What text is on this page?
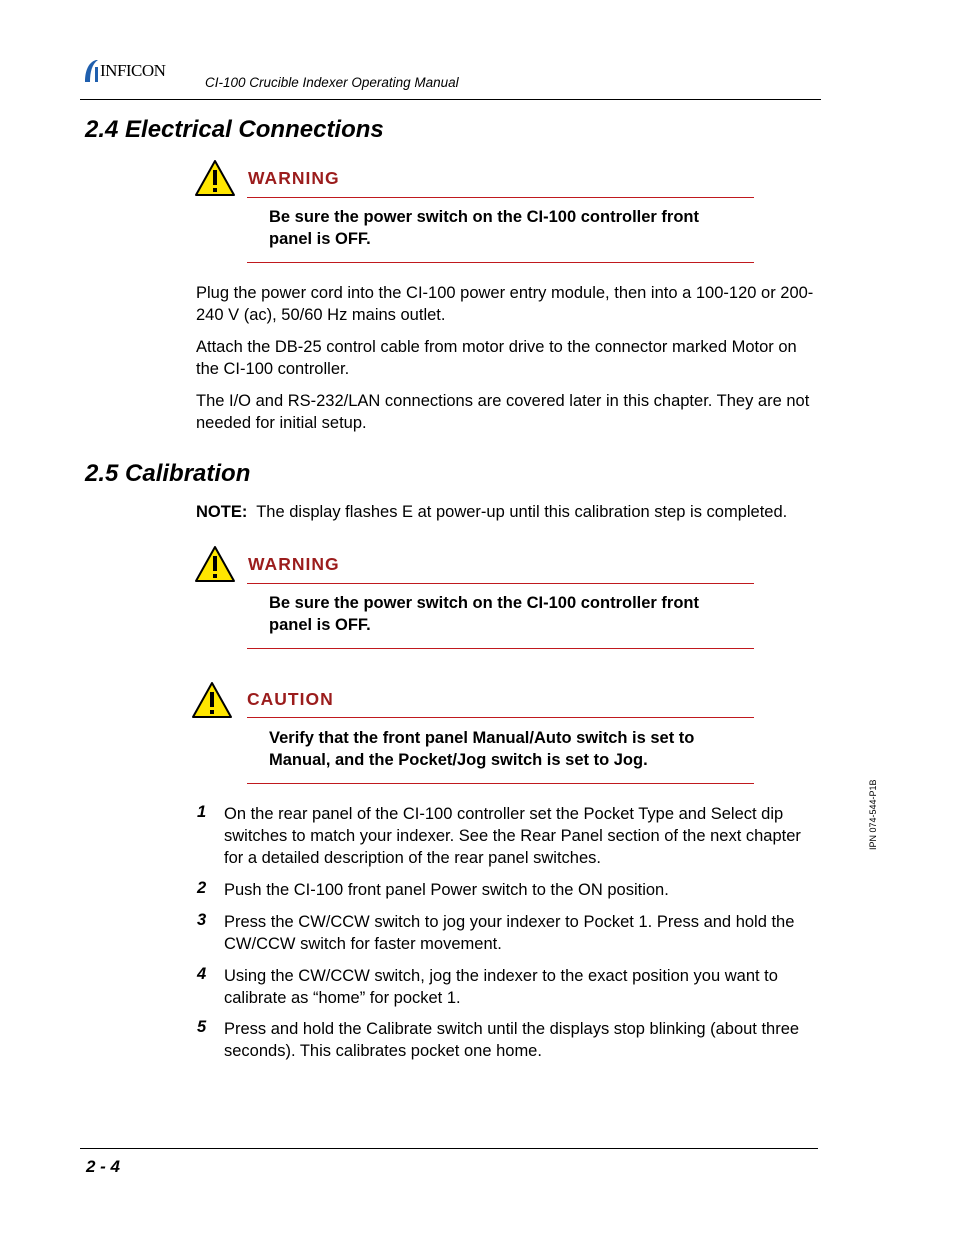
INFICON
CI-100 Crucible Indexer Operating Manual
2.4 Electrical Connections
WARNING
Be sure the power switch on the CI-100 controller front
panel is OFF.
Plug the power cord into the CI-100 power entry module, then into a 100-120 or 200-240 V (ac), 50/60 Hz mains outlet.
Attach the DB-25 control cable from motor drive to the connector marked Motor on the CI-100 controller.
The I/O and RS-232/LAN connections are covered later in this chapter. They are not needed for initial setup.
2.5 Calibration
NOTE: The display flashes E at power-up until this calibration step is completed.
WARNING
Be sure the power switch on the CI-100 controller front
panel is OFF.
CAUTION
Verify that the front panel Manual/Auto switch is set to
Manual, and the Pocket/Jog switch is set to Jog.
1 On the rear panel of the CI-100 controller set the Pocket Type and Select dip switches to match your indexer. See the Rear Panel section of the next chapter for a detailed description of the rear panel switches.
2 Push the CI-100 front panel Power switch to the ON position.
3 Press the CW/CCW switch to jog your indexer to Pocket 1. Press and hold the CW/CCW switch for faster movement.
4 Using the CW/CCW switch, jog the indexer to the exact position you want to calibrate as “home” for pocket 1.
5 Press and hold the Calibrate switch until the displays stop blinking (about three seconds). This calibrates pocket one home.
IPN 074-544-P1B
2 - 4
